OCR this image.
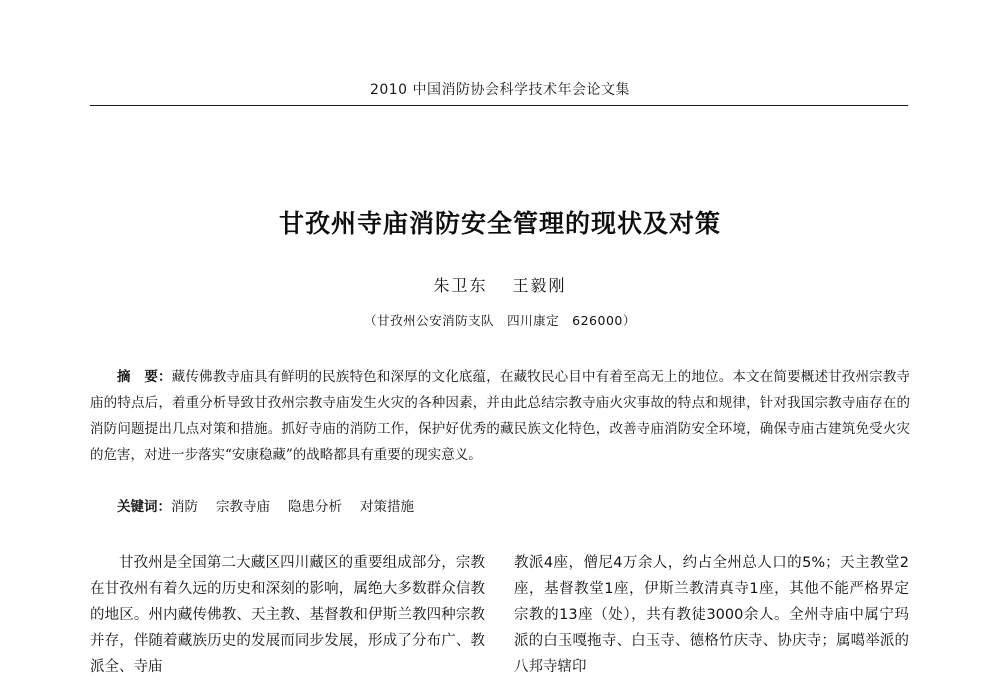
2010 中国消防协会科学技术年会论文集
甘孜州寺庙消防安全管理的现状及对策
朱卫东 王毅刚
（甘孜州公安消防支队　四川康定　626000）

摘　要：藏传佛教寺庙具有鲜明的民族特色和深厚的文化底蕴，在藏牧民心目中有着至高无上的地位。本文在简要概述甘孜州宗教寺庙的特点后，着重分析导致甘孜州宗教寺庙发生火灾的各种因素，并由此总结宗教寺庙火灾事故的特点和规律，针对我国宗教寺庙存在的消防问题提出几点对策和措施。抓好寺庙的消防工作，保护好优秀的藏民族文化特色，改善寺庙消防安全环境，确保寺庙古建筑免受火灾的危害，对进一步落实“安康稳藏”的战略都具有重要的现实意义。

关键词：消防 宗教寺庙 隐患分析 对策措施

甘孜州是全国第二大藏区四川藏区的重要组成部分，宗教在甘孜州有着久远的历史和深刻的影响，属绝大多数群众信教的地区。州内藏传佛教、天主教、基督教和伊斯兰教四种宗教并存，伴随着藏族历史的发展而同步发展，形成了分布广、教派全、寺庙

教派4座，僧尼4万余人，约占全州总人口的5%；天主教堂2座，基督教堂1座，伊斯兰教清真寺1座，其他不能严格界定宗教的13座（处），共有教徒3000余人。全州寺庙中属宁玛派的白玉嘎拖寺、白玉寺、德格竹庆寺、协庆寺；属噶举派的八邦寺辖印
